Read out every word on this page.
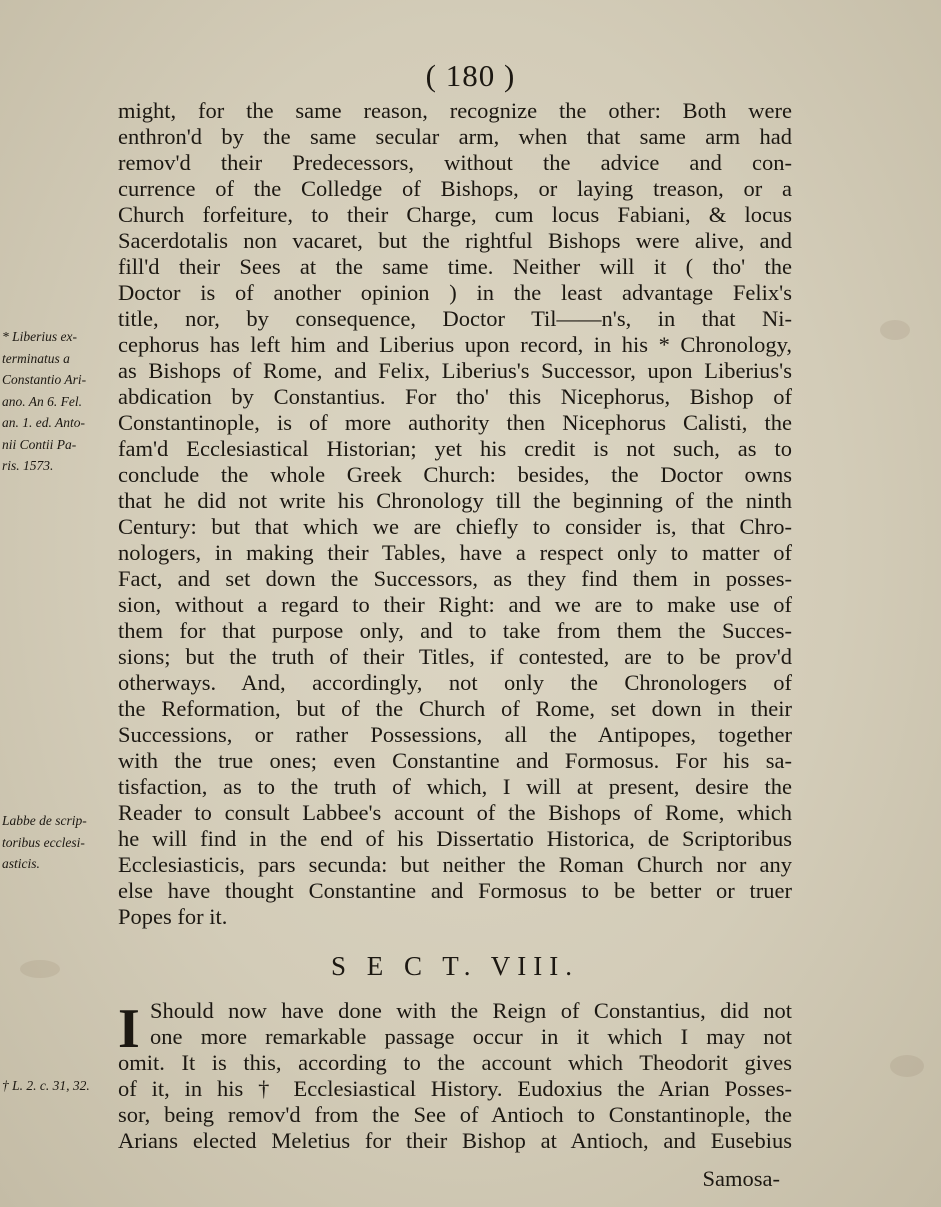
( 180 )
* Liberius ex-
terminatus a
Constantio Ari-
ano. An 6. Fel.
an. 1. ed. Anto-
nii Contii Pa-
ris. 1573.
Labbe de scrip-
toribus ecclesi-
asticis.
† L. 2. c. 31, 32.
might, for the same reason, recognize the other: Both were
enthron'd by the same secular arm, when that same arm had
remov'd their Predecessors, without the advice and con-
currence of the Colledge of Bishops, or laying treason, or a
Church forfeiture, to their Charge, cum locus Fabiani, & locus
Sacerdotalis non vacaret, but the rightful Bishops were alive, and
fill'd their Sees at the same time. Neither will it ( tho' the
Doctor is of another opinion ) in the least advantage Felix's
title, nor, by consequence, Doctor Til——n's, in that Ni-
cephorus has left him and Liberius upon record, in his * Chronology,
as Bishops of Rome, and Felix, Liberius's Successor, upon Liberius's
abdication by Constantius. For tho' this Nicephorus, Bishop of
Constantinople, is of more authority then Nicephorus Calisti, the
fam'd Ecclesiastical Historian; yet his credit is not such, as to
conclude the whole Greek Church: besides, the Doctor owns
that he did not write his Chronology till the beginning of the ninth
Century: but that which we are chiefly to consider is, that Chro-
nologers, in making their Tables, have a respect only to matter of
Fact, and set down the Successors, as they find them in posses-
sion, without a regard to their Right: and we are to make use of
them for that purpose only, and to take from them the Succes-
sions; but the truth of their Titles, if contested, are to be prov'd
otherways. And, accordingly, not only the Chronologers of
the Reformation, but of the Church of Rome, set down in their
Successions, or rather Possessions, all the Antipopes, together
with the true ones; even Constantine and Formosus. For his sa-
tisfaction, as to the truth of which, I will at present, desire the
Reader to consult Labbee's account of the Bishops of Rome, which
he will find in the end of his Dissertatio Historica, de Scriptoribus
Ecclesiasticis, pars secunda: but neither the Roman Church nor any
else have thought Constantine and Formosus to be better or truer
Popes for it.
S E C T. VIII.
I Should now have done with the Reign of Constantius, did not
one more remarkable passage occur in it which I may not
omit. It is this, according to the account which Theodorit gives
of it, in his † Ecclesiastical History. Eudoxius the Arian Posses-
sor, being remov'd from the See of Antioch to Constantinople, the
Arians elected Meletius for their Bishop at Antioch, and Eusebius
Samosa-
